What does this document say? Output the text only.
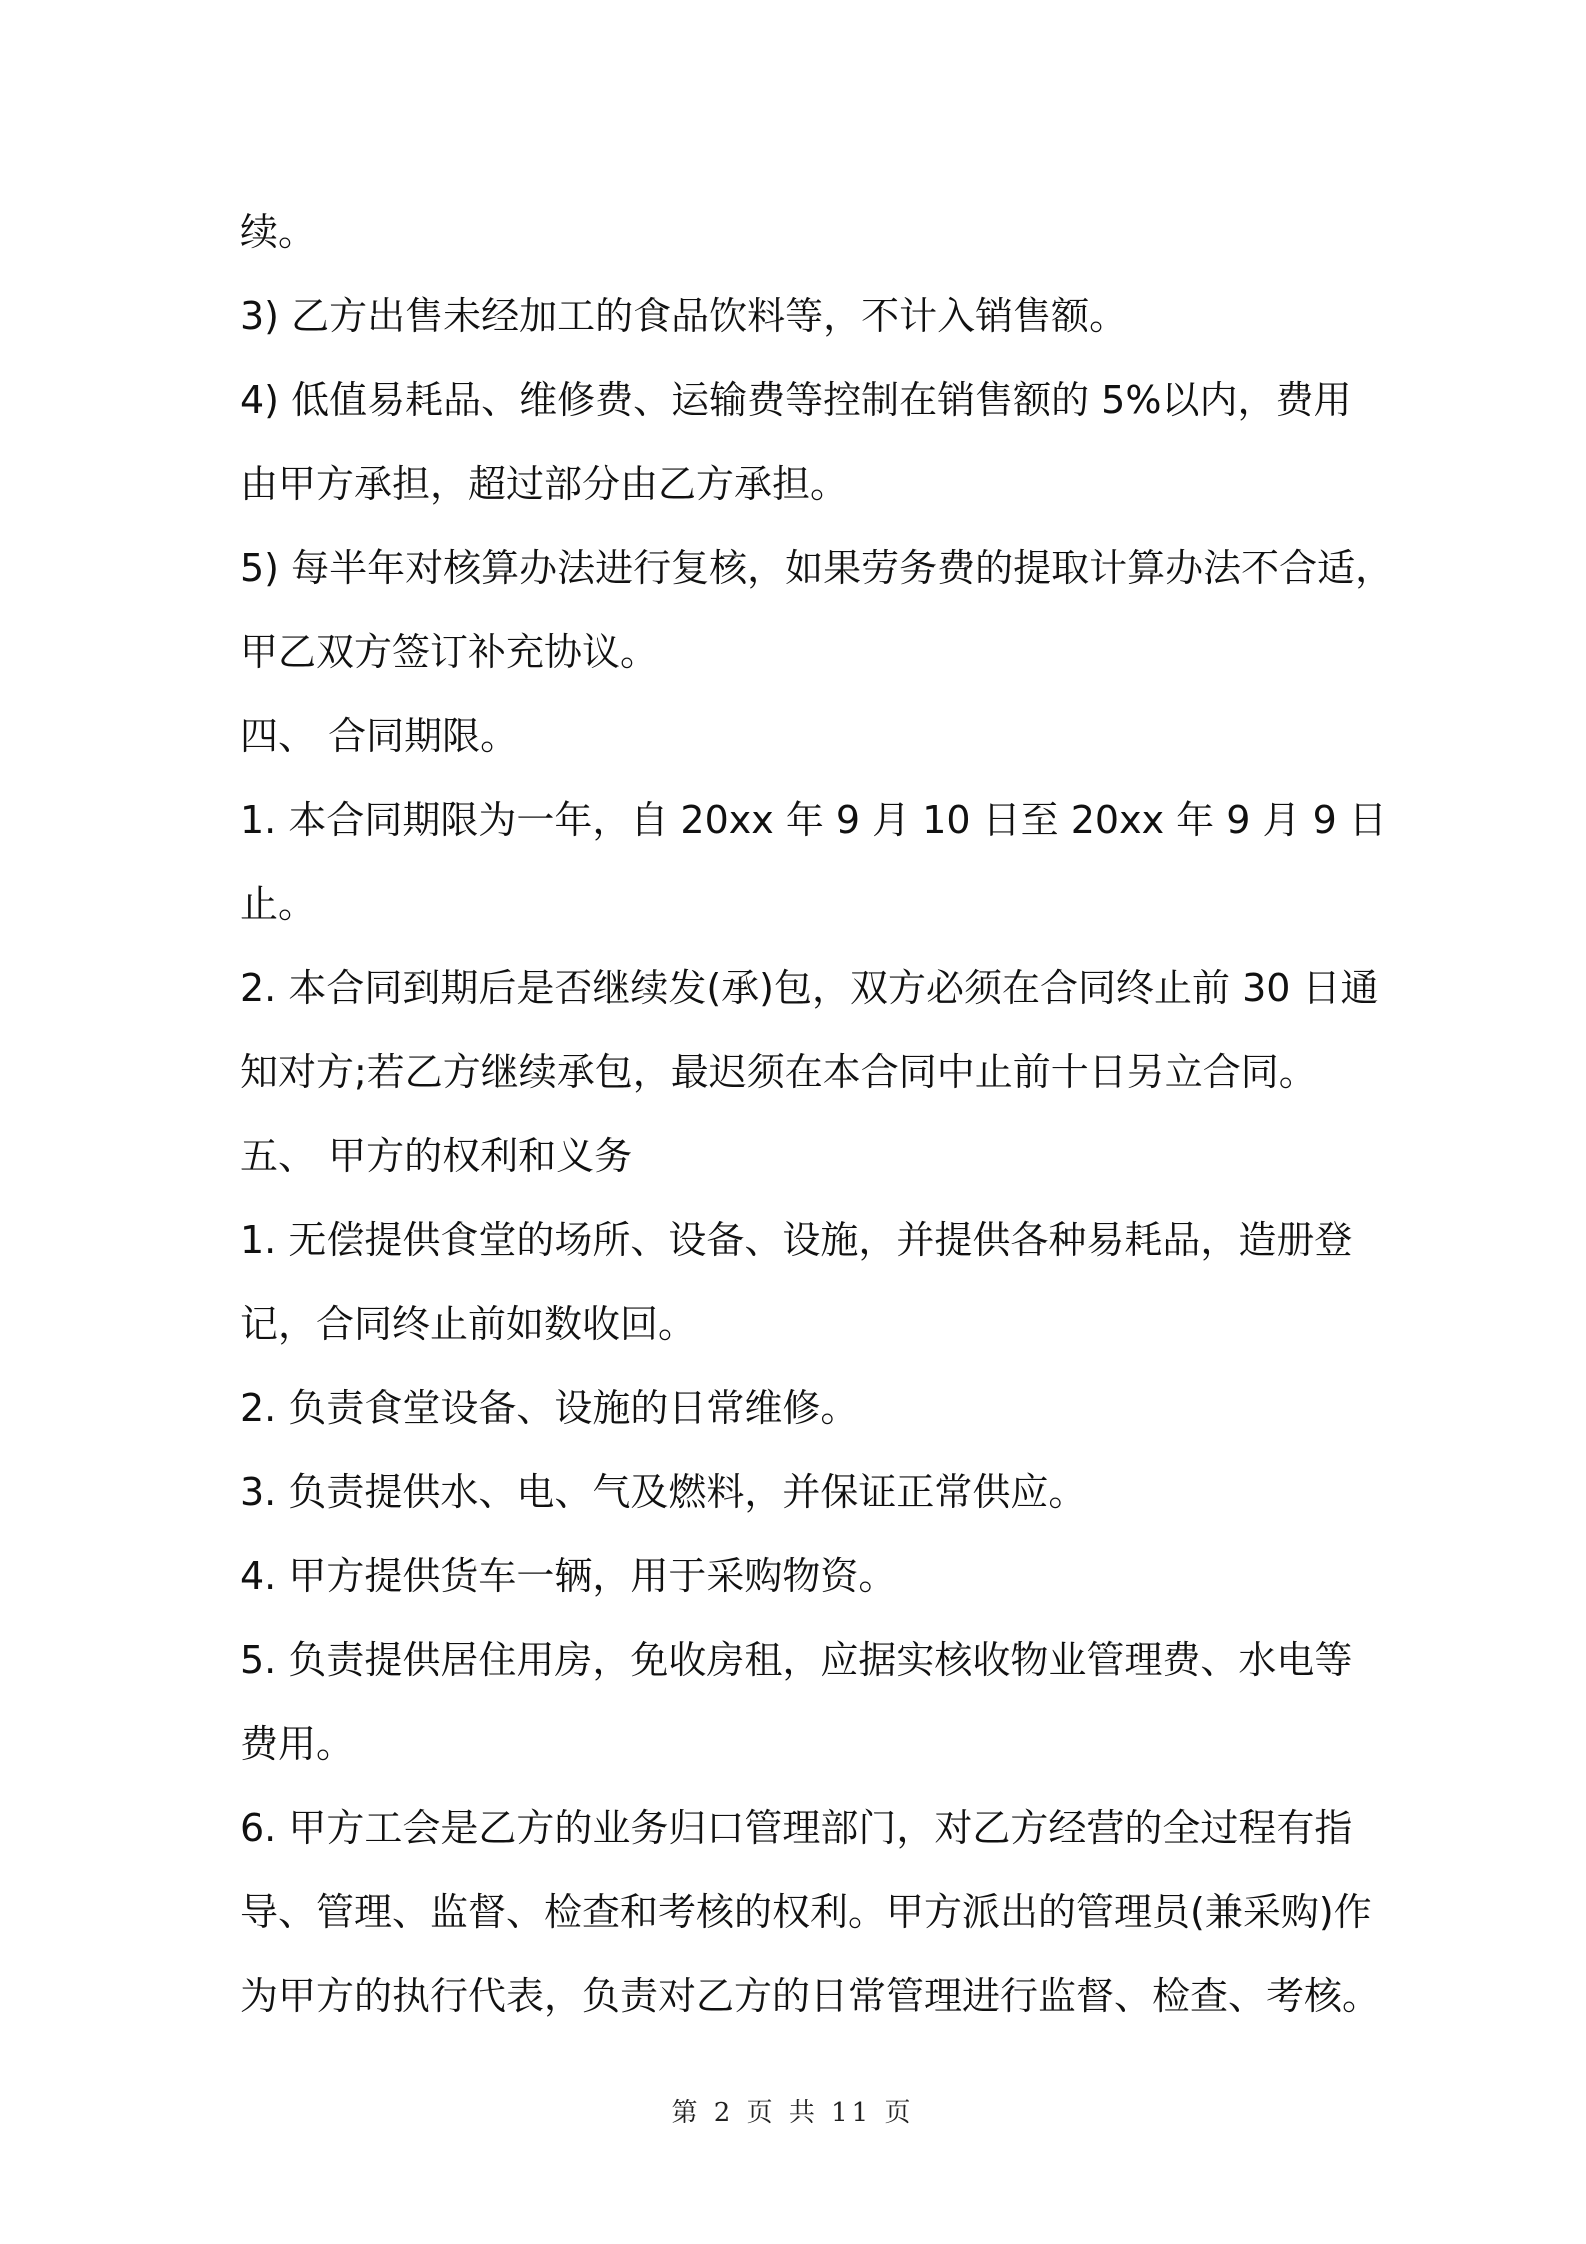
续。
3) 乙方出售未经加工的食品饮料等，不计入销售额。
4) 低值易耗品、维修费、运输费等控制在销售额的 5%以内，费用
由甲方承担，超过部分由乙方承担。
5) 每半年对核算办法进行复核，如果劳务费的提取计算办法不合适，
甲乙双方签订补充协议。
四、 合同期限。
1. 本合同期限为一年，自 20xx 年 9 月 10 日至 20xx 年 9 月 9 日
止。
2. 本合同到期后是否继续发(承)包，双方必须在合同终止前 30 日通
知对方;若乙方继续承包，最迟须在本合同中止前十日另立合同。
五、 甲方的权利和义务
1. 无偿提供食堂的场所、设备、设施，并提供各种易耗品，造册登
记，合同终止前如数收回。
2. 负责食堂设备、设施的日常维修。
3. 负责提供水、电、气及燃料，并保证正常供应。
4. 甲方提供货车一辆，用于采购物资。
5. 负责提供居住用房，免收房租，应据实核收物业管理费、水电等
费用。
6. 甲方工会是乙方的业务归口管理部门，对乙方经营的全过程有指
导、管理、监督、检查和考核的权利。甲方派出的管理员(兼采购)作
为甲方的执行代表，负责对乙方的日常管理进行监督、检查、考核。
第 2 页 共 11 页
